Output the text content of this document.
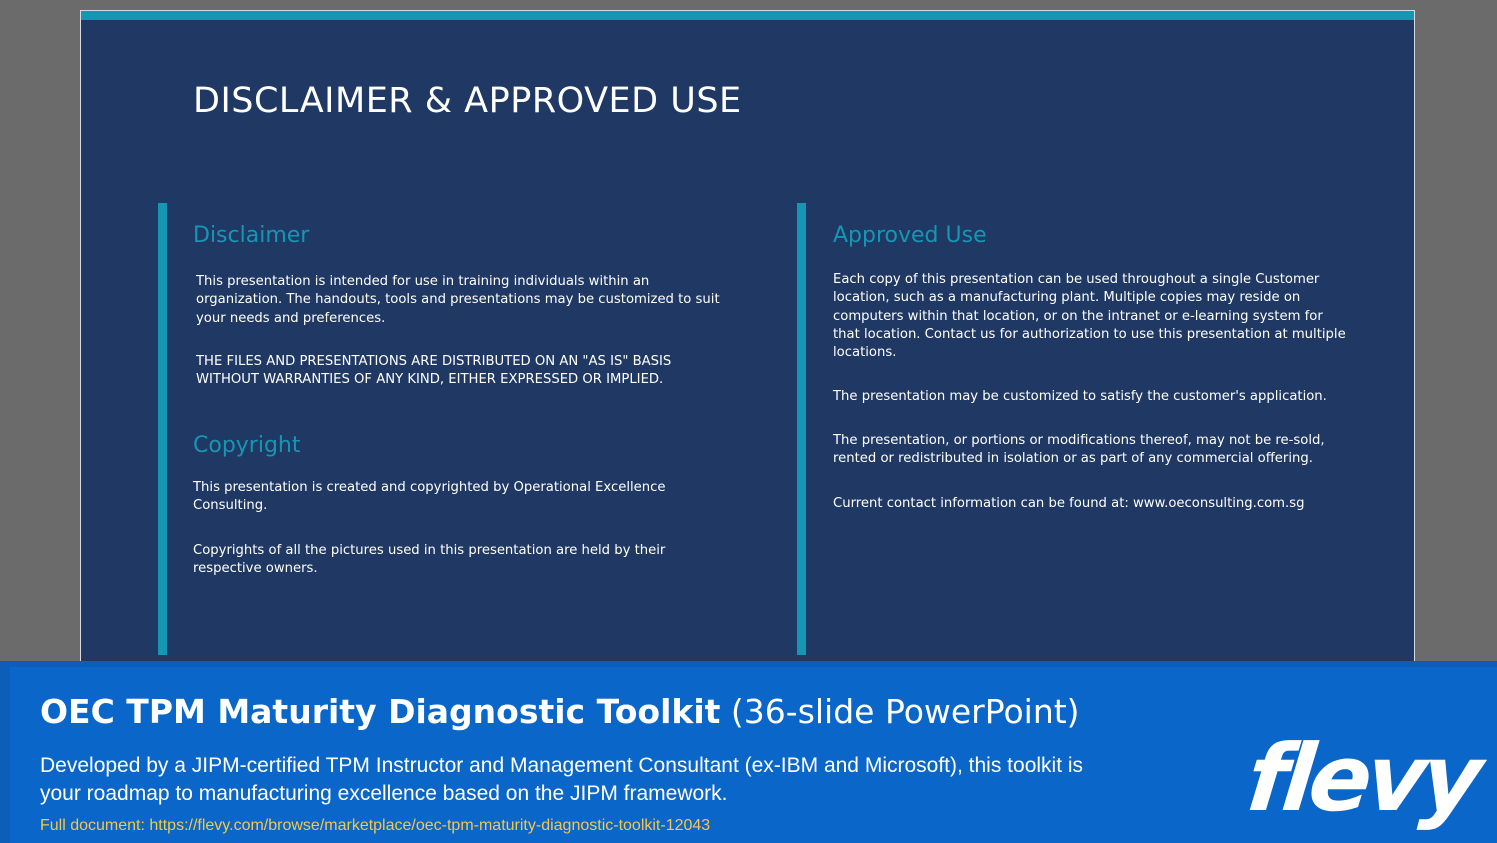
DISCLAIMER & APPROVED USE
Disclaimer

This presentation is intended for use in training individuals within an organization. The handouts, tools and presentations may be customized to suit your needs and preferences.

THE FILES AND PRESENTATIONS ARE DISTRIBUTED ON AN "AS IS" BASIS WITHOUT WARRANTIES OF ANY KIND, EITHER EXPRESSED OR IMPLIED.

Copyright

This presentation is created and copyrighted by Operational Excellence Consulting.

Copyrights of all the pictures used in this presentation are held by their respective owners.

Approved Use

Each copy of this presentation can be used throughout a single Customer location, such as a manufacturing plant. Multiple copies may reside on computers within that location, or on the intranet or e-learning system for that location. Contact us for authorization to use this presentation at multiple locations.

The presentation may be customized to satisfy the customer's application.

The presentation, or portions or modifications thereof, may not be re-sold, rented or redistributed in isolation or as part of any commercial offering.

Current contact information can be found at: www.oeconsulting.com.sg

OEC TPM Maturity Diagnostic Toolkit (36-slide PowerPoint)

Developed by a JIPM-certified TPM Instructor and Management Consultant (ex-IBM and Microsoft), this toolkit is your roadmap to manufacturing excellence based on the JIPM framework.

Full document: https://flevy.com/browse/marketplace/oec-tpm-maturity-diagnostic-toolkit-12043	flevy
